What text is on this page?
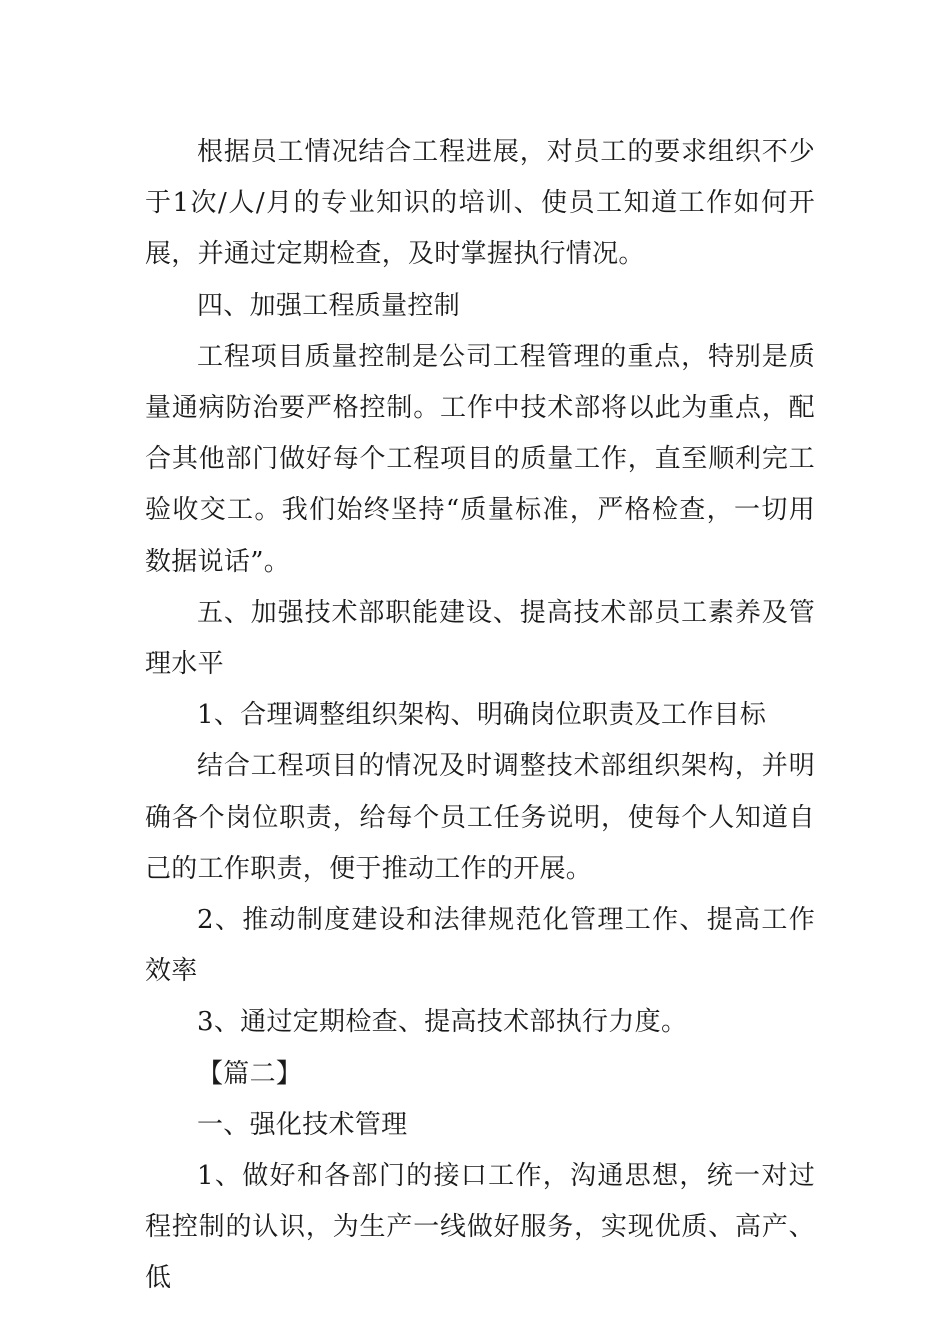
根据员工情况结合工程进展，对员工的要求组织不少于1次/人/月的专业知识的培训、使员工知道工作如何开展，并通过定期检查，及时掌握执行情况。

四、加强工程质量控制

工程项目质量控制是公司工程管理的重点，特别是质量通病防治要严格控制。工作中技术部将以此为重点，配合其他部门做好每个工程项目的质量工作，直至顺利完工验收交工。我们始终坚持“质量标准，严格检查，一切用数据说话”。

五、加强技术部职能建设、提高技术部员工素养及管理水平

1、合理调整组织架构、明确岗位职责及工作目标

结合工程项目的情况及时调整技术部组织架构，并明确各个岗位职责，给每个员工任务说明，使每个人知道自己的工作职责，便于推动工作的开展。

2、推动制度建设和法律规范化管理工作、提高工作效率

3、通过定期检查、提高技术部执行力度。

【篇二】

一、强化技术管理

1、做好和各部门的接口工作，沟通思想，统一对过程控制的认识，为生产一线做好服务，实现优质、高产、低
